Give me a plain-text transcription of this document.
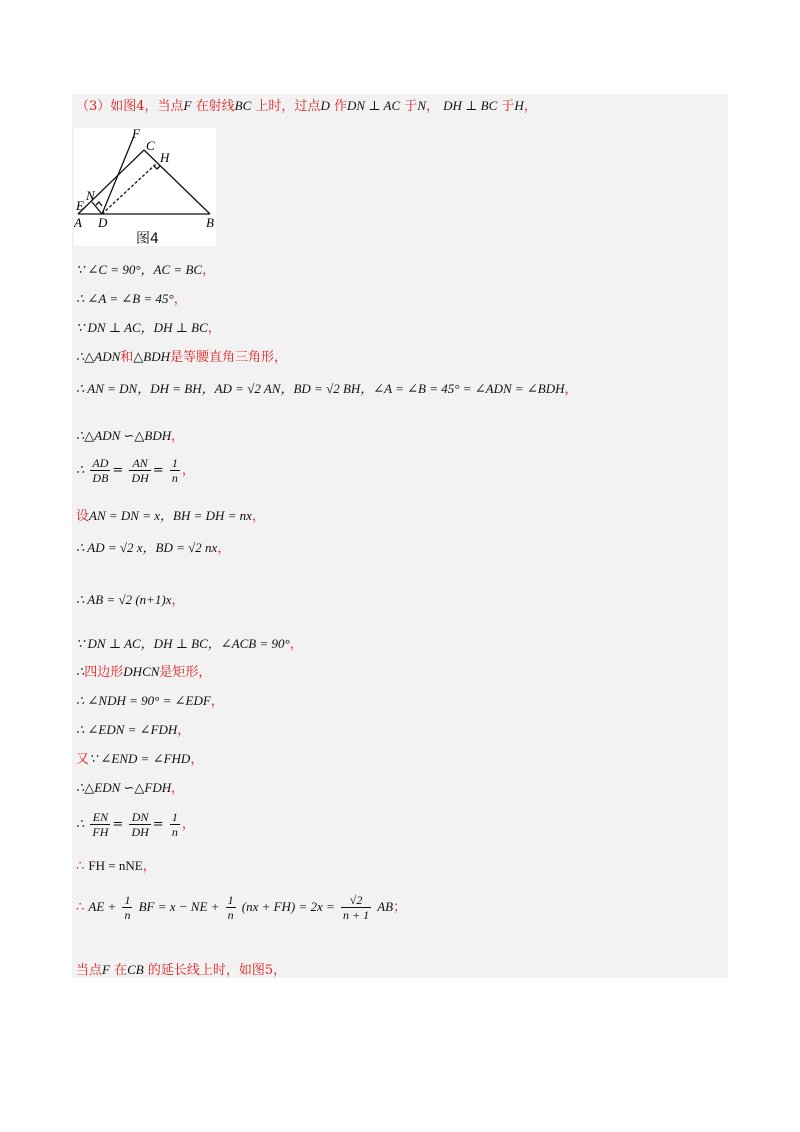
（3）如图4，当点F 在射线BC 上时，过点D 作DN ⊥ AC 于N， DH ⊥ BC 于H，
F
C
H
N
E
A D	B
图4
∵ ∠C = 90°，AC = BC，
∴ ∠A = ∠B = 45°，
∵ DN ⊥ AC，DH ⊥ BC，
∴△ADN和△BDH是等腰直角三角形，
∴ AN = DN，DH = BH，AD = √2 AN，BD = √2 BH，∠A = ∠B = 45° = ∠ADN = ∠BDH，
∴△ADN ∽△BDH，
∴ $\frac{AD}{DB} = \frac{AN}{DH} = \frac{1}{n}$ ，
设AN = DN = x，BH = DH = nx，
∴ AD = √2 x，BD = √2 nx，
∴ AB = √2 (n+1)x，
∵ DN ⊥ AC，DH ⊥ BC，∠ACB = 90°，
∴四边形DHCN是矩形，
∴ ∠NDH = 90° = ∠EDF，
∴ ∠EDN = ∠FDH，
又∵ ∠END = ∠FHD，
∴△EDN ∽△FDH，
∴ $\frac{EN}{FH} = \frac{DN}{DH} = \frac{1}{n}$ ，
∴ FH = nNE，
∴ AE + $\frac{1}{n}$ BF = x − NE + $\frac{1}{n} (nx + FH) = 2x = \frac{√2}{n + 1}$ AB；
当点F 在CB 的延长线上时，如图5，
